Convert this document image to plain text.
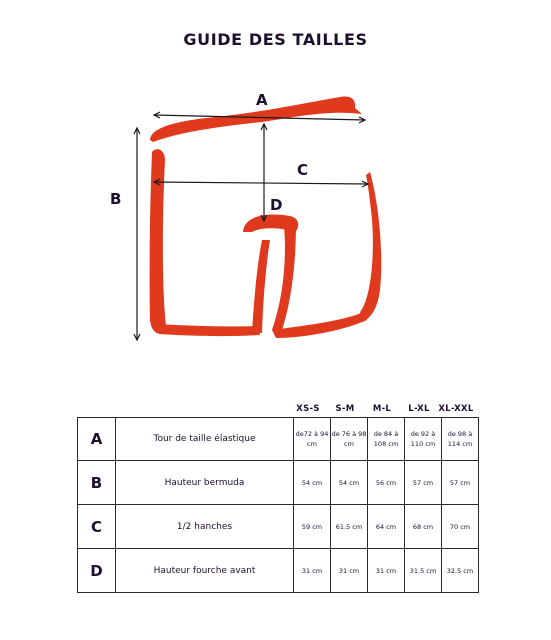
GUIDE DES TAILLES
A
B
C
D
XS-S	S-M	M-L	L-XL	XL-XXL
A	Tour de taille élastique	de72 à 94 cm	de 76 à 98 cm	de 84 à 108 cm	de 92 à 110 cm	de 98 à 114 cm
B	Hauteur bermuda	54 cm	54 cm	56 cm	57 cm	57 cm
C	1/2 hanches	59 cm	61.5 cm	64 cm	68 cm	70 cm
D	Hauteur fourche avant	31 cm	31 cm	31 cm	31.5 cm	32.5 cm
